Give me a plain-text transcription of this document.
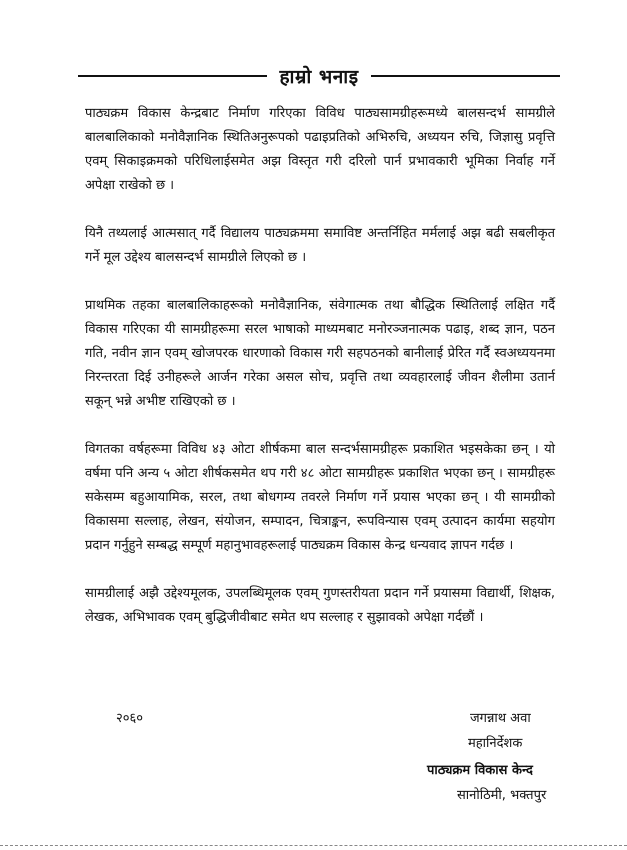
हाम्रो भनाइ

पाठ्यक्रम विकास केन्द्रबाट निर्माण गरिएका विविध पाठ्यसामग्रीहरूमध्ये बालसन्दर्भ सामग्रीले बालबालिकाको मनोवैज्ञानिक स्थितिअनुरूपको पढाइप्रतिको अभिरुचि, अध्ययन रुचि, जिज्ञासु प्रवृत्ति एवम् सिकाइक्रमको परिधिलाईसमेत अझ विस्तृत गरी दरिलो पार्न प्रभावकारी भूमिका निर्वाह गर्ने अपेक्षा राखेको छ ।

यिनै तथ्यलाई आत्मसात् गर्दै विद्यालय पाठ्यक्रममा समाविष्ट अन्तर्निहित मर्मलाई अझ बढी सबलीकृत गर्ने मूल उद्देश्य बालसन्दर्भ सामग्रीले लिएको छ ।

प्राथमिक तहका बालबालिकाहरूको मनोवैज्ञानिक, संवेगात्मक तथा बौद्धिक स्थितिलाई लक्षित गर्दै विकास गरिएका यी सामग्रीहरूमा सरल भाषाको माध्यमबाट मनोरञ्जनात्मक पढाइ, शब्द ज्ञान, पठन गति, नवीन ज्ञान एवम् खोजपरक धारणाको विकास गरी सहपठनको बानीलाई प्रेरित गर्दै स्वअध्ययनमा निरन्तरता दिई उनीहरूले आर्जन गरेका असल सोच, प्रवृत्ति तथा व्यवहारलाई जीवन शैलीमा उतार्न सकून् भन्ने अभीष्ट राखिएको छ ।

विगतका वर्षहरूमा विविध ४३ ओटा शीर्षकमा बाल सन्दर्भसामग्रीहरू प्रकाशित भइसकेका छन् । यो वर्षमा पनि अन्य ५ ओटा शीर्षकसमेत थप गरी ४८ ओटा सामग्रीहरू प्रकाशित भएका छन् । सामग्रीहरू सकेसम्म बहुआयामिक, सरल, तथा बोधगम्य तवरले निर्माण गर्ने प्रयास भएका छन् । यी सामग्रीको विकासमा सल्लाह, लेखन, संयोजन, सम्पादन, चित्राङ्कन, रूपविन्यास एवम् उत्पादन कार्यमा सहयोग प्रदान गर्नुहुने सम्बद्ध सम्पूर्ण महानुभावहरूलाई पाठ्यक्रम विकास केन्द्र धन्यवाद ज्ञापन गर्दछ ।

सामग्रीलाई अझै उद्देश्यमूलक, उपलब्धिमूलक एवम् गुणस्तरीयता प्रदान गर्ने प्रयासमा विद्यार्थी, शिक्षक, लेखक, अभिभावक एवम् बुद्धिजीवीबाट समेत थप सल्लाह र सुझावको अपेक्षा गर्दछौं ।

२०६०	जगन्नाथ अवा
महानिर्देशक
पाठ्यक्रम विकास केन्द
सानोठिमी, भक्तपुर
